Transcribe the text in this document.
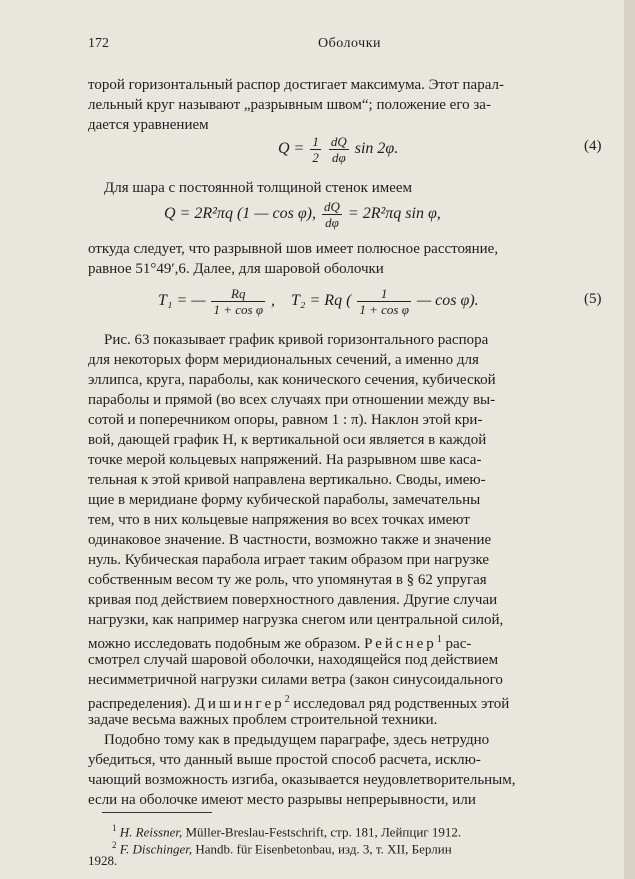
172	Оболочки
торой горизонтальный распор достигает максимума. Этот парал-
лельный круг называют „разрывным швом“; положение его за-
дается уравнением
$Q = \frac{1}{2}$
$\frac{dQ}{d\varphi}$ sin 2φ.	(4)
Для шара с постоянной толщиной стенок имеем
Q = 2R²πq (1 — cos φ), $\frac{dQ}{d\varphi} = 2R^2\pi q$ sin φ,
откуда следует, что разрывной шов имеет полюсное расстояние,
равное 51°49′,6. Далее, для шаровой оболочки
T₁ = — $\frac{Rq}{\text{1 + cos φ}}$ , T₂ = Rq ( $\frac{1}{\text{1 + cos φ}}$ — cos φ).	(5)
Рис. 63 показывает график кривой горизонтального распора
для некоторых форм меридиональных сечений, а именно для
эллипса, круга, параболы, как конического сечения, кубической
параболы и прямой (во всех случаях при отношении между вы-
сотой и поперечником опоры, равном 1 : π). Наклон этой кри-
вой, дающей график H, к вертикальной оси является в каждой
точке мерой кольцевых напряжений. На разрывном шве каса-
тельная к этой кривой направлена вертикально. Своды, имею-
щие в меридиане форму кубической параболы, замечательны
тем, что в них кольцевые напряжения во всех точках имеют
одинаковое значение. В частности, возможно также и значение
нуль. Кубическая парабола играет таким образом при нагрузке
собственным весом ту же роль, что упомянутая в § 62 упругая
кривая под действием поверхностного давления. Другие случаи
нагрузки, как например нагрузка снегом или центральной силой,
можно исследовать подобным же образом. Рейснер$^1$ рас-
смотрел случай шаровой оболочки, находящейся под действием
несимметричной нагрузки силами ветра (закон синусоидального
распределения). Дишингер$^2$ исследовал ряд родственных этой
задаче весьма важных проблем строительной техники.
Подобно тому как в предыдущем параграфе, здесь нетрудно
убедиться, что данный выше простой способ расчета, исклю-
чающий возможность изгиба, оказывается неудовлетворительным,
если на оболочке имеют место разрывы непрерывности, или
$^1$ H. Reissner, Müller-Breslau-Festschrift, стр. 181, Лейпциг 1912.
$^2$ F. Dischinger, Handb. für Eisenbetonbau, изд. 3, т. XII, Берлин
1928.
